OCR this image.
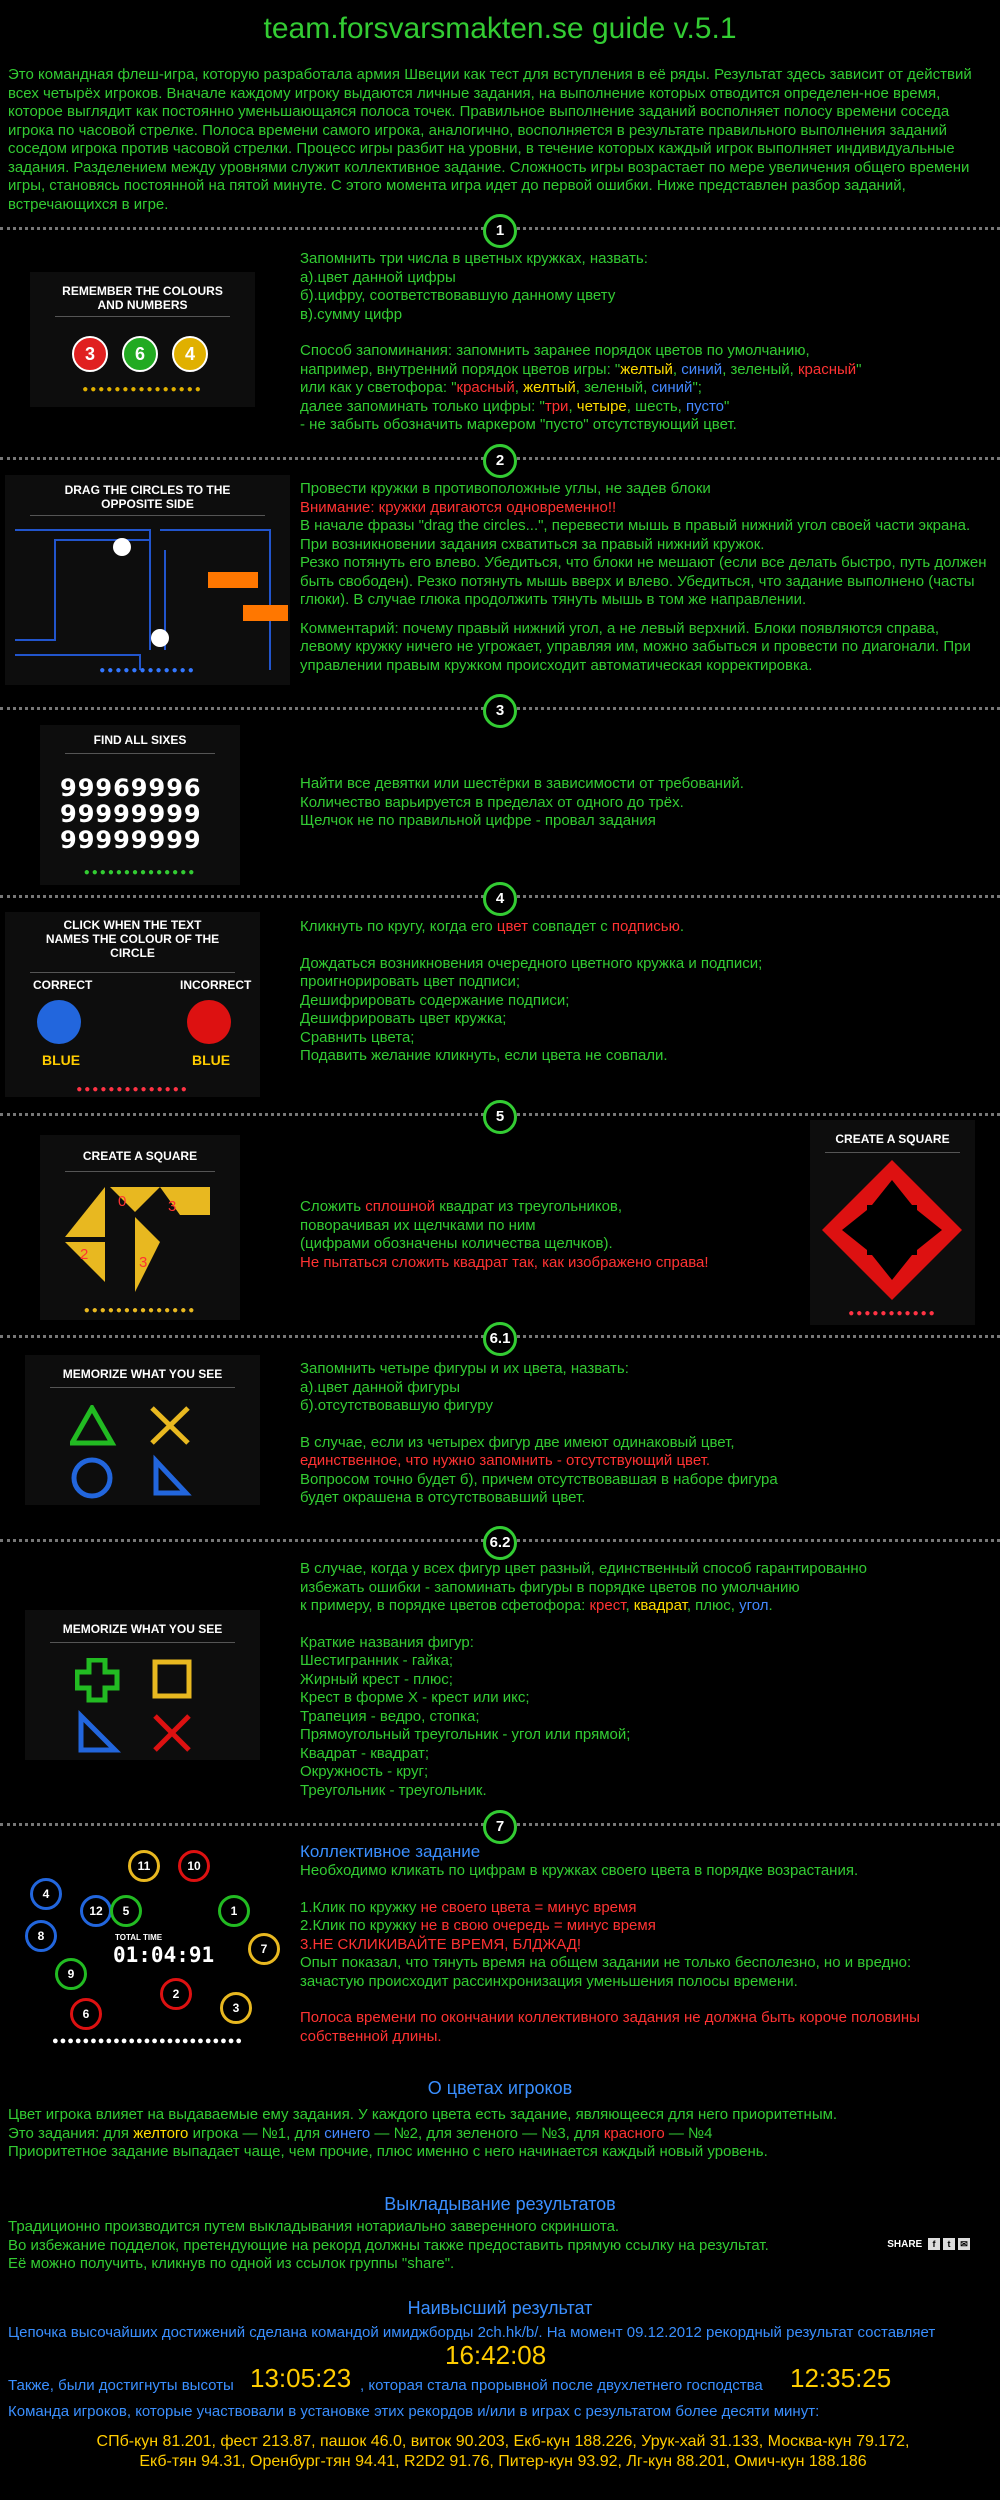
team.forsvarsmakten.se guide v.5.1
Это командная флеш-игра, которую разработала армия Швеции как тест для вступления в её ряды. Результат здесь зависит от действий всех четырёх игроков. Вначале каждому игроку выдаются личные задания, на выполнение которых отводится определен-ное время, которое выглядит как постоянно уменьшающаяся полоса точек. Правильное выполнение заданий восполняет полосу времени соседа игрока по часовой стрелке. Полоса времени самого игрока, аналогично, восполняется в результате правильного выполнения заданий соседом игрока против часовой стрелки. Процесс игры разбит на уровни, в течение которых каждый игрок выполняет индивидуальные задания. Разделением между уровнями служит коллективное задание. Сложность игры возрастает по мере увеличения общего времени игры, становясь постоянной на пятой минуте. С этого момента игра идет до первой ошибки. Ниже представлен разбор заданий, встречающихся в игре.
1
REMEMBER THE COLOURS AND NUMBERS
3	6	4
●●●●●●●●●●●●●●●
Запомнить три числа в цветных кружках, назвать:
а).цвет данной цифры
б).цифру, соответствовавшую данному цвету
в).сумму цифр
Способ запоминания: запомнить заранее порядок цветов по умолчанию,
например, внутренний порядок цветов игры: "желтый, синий, зеленый, красный"
или как у светофора: "красный, желтый, зеленый, синий";
далее запоминать только цифры: "три, четыре, шесть, пусто"
- не забыть обозначить маркером "пусто" отсутствующий цвет.
2
DRAG THE CIRCLES TO THE OPPOSITE SIDE
●●●●●●●●●●●●
Провести кружки в противоположные углы, не задев блоки
Внимание: кружки двигаются одновременно!!
В начале фразы "drag the circles...", перевести мышь в правый нижний угол своей части экрана. При возникновении задания схватиться за правый нижний кружок.
Резко потянуть его влево. Убедиться, что блоки не мешают (если все делать быстро, путь должен быть свободен). Резко потянуть мышь вверх и влево. Убедиться, что задание выполнено (часты глюки). В случае глюка продолжить тянуть мышь в том же направлении.
Комментарий: почему правый нижний угол, а не левый верхний. Блоки появляются справа, левому кружку ничего не угрожает, управляя им, можно забыться и провести по диагонали. При управлении правым кружком происходит автоматическая корректировка.
3
FIND ALL SIXES
99969996
99999999
99999999
●●●●●●●●●●●●●●
Найти все девятки или шестёрки в зависимости от требований.
Количество варьируется в пределах от одного до трёх.
Щелчок не по правильной цифре - провал задания
4
CLICK WHEN THE TEXT NAMES THE COLOUR OF THE CIRCLE
CORRECT	INCORRECT
BLUE	BLUE
●●●●●●●●●●●●●●
Кликнуть по кругу, когда его цвет совпадет с подписью.
Дождаться возникновения очередного цветного кружка и подписи;
проигнорировать цвет подписи;
Дешифрировать содержание подписи;
Дешифрировать цвет кружка;
Сравнить цвета;
Подавить желание кликнуть, если цвета не совпали.
5
CREATE A SQUARE
0	3
2	3
●●●●●●●●●●●●●●
Сложить сплошной квадрат из треугольников,
поворачивая их щелчками по ним
(цифрами обозначены количества щелчков).
Не пытаться сложить квадрат так, как изображено справа!
CREATE A SQUARE
●●●●●●●●●●●
6.1
MEMORIZE WHAT YOU SEE	Запомнить четыре фигуры и их цвета, назвать:
а).цвет данной фигуры
б).отсутствовавшую фигуру
В случае, если из четырех фигур две имеют одинаковый цвет,
единственное, что нужно запомнить - отсутствующий цвет.
Вопросом точно будет б), причем отсутствовавшая в наборе фигура
будет окрашена в отсутствовавший цвет.
6.2
MEMORIZE WHAT YOU SEE
В случае, когда у всех фигур цвет разный, единственный способ гарантированно
избежать ошибки - запоминать фигуры в порядке цветов по умолчанию
к примеру, в порядке цветов сфетофора: крест, квадрат, плюс, угол.
Краткие названия фигур:
Шестигранник - гайка;
Жирный крест - плюс;
Крест в форме Х - крест или икс;
Трапеция - ведро, стопка;
Прямоугольный треугольник - угол или прямой;
Квадрат - квадрат;
Окружность - круг;
Треугольник - треугольник.
7
11	10
4
12	5	1
8
7
9
2
3
6
TOTAL TIME
01:04:91
●●●●●●●●●●●●●●●●●●●●●●●●●
Коллективное задание
Необходимо кликать по цифрам в кружках своего цвета в порядке возрастания.
1.Клик по кружку не своего цвета = минус время
2.Клик по кружку не в свою очередь = минус время
3.НЕ СКЛИКИВАЙТЕ ВРЕМЯ, БЛДЖАД!
Опыт показал, что тянуть время на общем задании не только бесполезно, но и вредно:
зачастую происходит рассинхронизация уменьшения полосы времени.
Полоса времени по окончании коллективного задания не должна быть короче половины собственной длины.
О цветах игроков
Цвет игрока влияет на выдаваемые ему задания. У каждого цвета есть задание, являющееся для него приоритетным.
Это задания: для желтого игрока — №1, для синего — №2, для зеленого — №3, для красного — №4
Приоритетное задание выпадает чаще, чем прочие, плюс именно с него начинается каждый новый уровень.
Выкладывание результатов
Традиционно производится путем выкладывания нотариально заверенного скриншота.
Во избежание подделок, претендующие на рекорд должны также предоставить прямую ссылку на результат.
Её можно получить, кликнув по одной из ссылок группы "share".
SHARE f t ✉
Наивысший результат
Цепочка высочайших достижений сделана командой имиджборды 2ch.hk/b/. На момент 09.12.2012 рекордный результат составляет
16:42:08
Также, были достигнуты высоты 13:05:23 , которая стала прорывной после двухлетнего господства	12:35:25
Команда игроков, которые участвовали в установке этих рекордов и/или в играх с результатом более десяти минут:
СПб-кун 81.201, фест 213.87, пашок 46.0, виток 90.203, Екб-кун 188.226, Урук-хай 31.133, Москва-кун 79.172,
Екб-тян 94.31, Оренбург-тян 94.41, R2D2 91.76, Питер-кун 93.92, Лг-кун 88.201, Омич-кун 188.186
